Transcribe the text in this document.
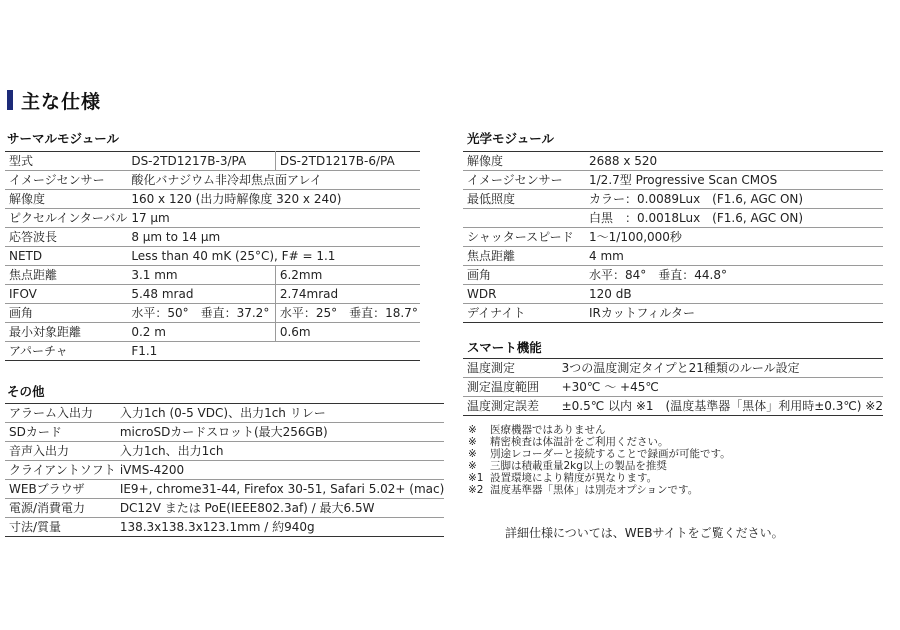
主な仕様
サーマルモジュール
型式	DS-2TD1217B-3/PA	DS-2TD1217B-6/PA
イメージセンサー	酸化バナジウム非冷却焦点面アレイ	
解像度	160 x 120 (出力時解像度 320 x 240)	
ピクセルインターバル	17 μm	
応答波長	8 μm to 14 μm	
NETD	Less than 40 mK (25°C), F# = 1.1	
焦点距離	3.1 mm	6.2mm
IFOV	5.48 mrad	2.74mrad
画角	水平：50°　垂直：37.2°	水平：25°　垂直：18.7°
最小対象距離	0.2 m	0.6m
アパーチャ	F1.1	
その他
アラーム入出力	入力1ch (0-5 VDC)、出力1ch リレー
SDカード	microSDカードスロット(最大256GB)
音声入出力	入力1ch、出力1ch
クライアントソフト	iVMS-4200
WEBブラウザ	IE9+, chrome31-44, Firefox 30-51, Safari 5.02+ (mac)
電源/消費電力	DC12V または PoE(IEEE802.3af) / 最大6.5W
寸法/質量	138.3x138.3x123.1mm / 約940g
光学モジュール
解像度	2688 x 520
イメージセンサー	1/2.7型 Progressive Scan CMOS
最低照度	カラー：0.0089Lux　(F1.6, AGC ON)
	白黒　：0.0018Lux　(F1.6, AGC ON)
シャッタースピード	1〜1/100,000秒
焦点距離	4 mm
画角	水平：84°　垂直：44.8°
WDR	120 dB
デイナイト	IRカットフィルター
スマート機能
温度測定	3つの温度測定タイプと21種類のルール設定
測定温度範囲	+30℃ 〜 +45℃
温度測定誤差	±0.5℃ 以内 ※1　(温度基準器「黒体」利用時±0.3℃) ※2
※ 医療機器ではありません
※ 精密検査は体温計をご利用ください。
※ 別途レコーダーと接続することで録画が可能です。
※ 三脚は積載重量2kg以上の製品を推奨
※1 設置環境により精度が異なります。
※2 温度基準器「黒体」は別売オプションです。
詳細仕様については、WEBサイトをご覧ください。
